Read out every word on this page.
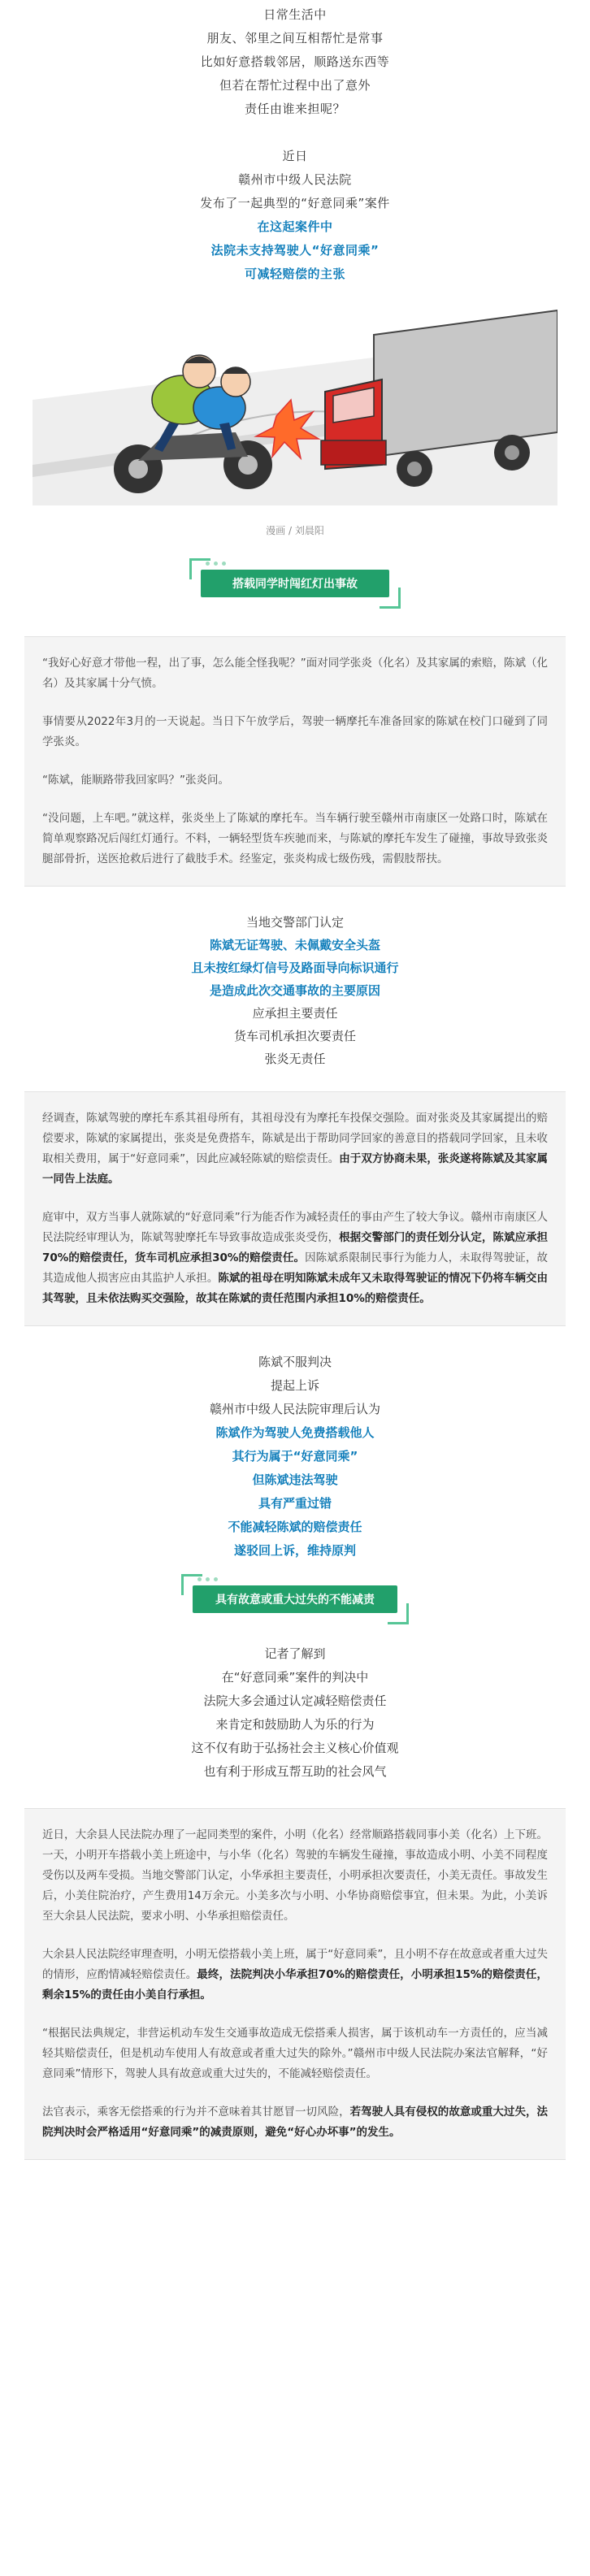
日常生活中

朋友、邻里之间互相帮忙是常事

比如好意搭载邻居，顺路送东西等

但若在帮忙过程中出了意外

责任由谁来担呢？

近日

赣州市中级人民法院

发布了一起典型的“好意同乘”案件

在这起案件中

法院未支持驾驶人“好意同乘”

可减轻赔偿的主张

漫画 / 刘晨阳

搭载同学时闯红灯出事故

“我好心好意才带他一程，出了事，怎么能全怪我呢？”面对同学张炎（化名）及其家属的索赔，陈斌（化名）及其家属十分气愤。

事情要从2022年3月的一天说起。当日下午放学后，驾驶一辆摩托车准备回家的陈斌在校门口碰到了同学张炎。

“陈斌，能顺路带我回家吗？”张炎问。

“没问题，上车吧。”就这样，张炎坐上了陈斌的摩托车。当车辆行驶至赣州市南康区一处路口时，陈斌在简单观察路况后闯红灯通行。不料，一辆轻型货车疾驰而来，与陈斌的摩托车发生了碰撞，事故导致张炎腿部骨折，送医抢救后进行了截肢手术。经鉴定，张炎构成七级伤残，需假肢帮扶。

当地交警部门认定

陈斌无证驾驶、未佩戴安全头盔

且未按红绿灯信号及路面导向标识通行

是造成此次交通事故的主要原因

应承担主要责任

货车司机承担次要责任

张炎无责任

经调查，陈斌驾驶的摩托车系其祖母所有，其祖母没有为摩托车投保交强险。面对张炎及其家属提出的赔偿要求，陈斌的家属提出，张炎是免费搭车，陈斌是出于帮助同学回家的善意目的搭载同学回家，且未收取相关费用，属于“好意同乘”，因此应减轻陈斌的赔偿责任。由于双方协商未果，张炎遂将陈斌及其家属一同告上法庭。

庭审中，双方当事人就陈斌的“好意同乘”行为能否作为减轻责任的事由产生了较大争议。赣州市南康区人民法院经审理认为，陈斌驾驶摩托车导致事故造成张炎受伤，根据交警部门的责任划分认定，陈斌应承担70%的赔偿责任，货车司机应承担30%的赔偿责任。因陈斌系限制民事行为能力人，未取得驾驶证，故其造成他人损害应由其监护人承担。陈斌的祖母在明知陈斌未成年又未取得驾驶证的情况下仍将车辆交由其驾驶，且未依法购买交强险，故其在陈斌的责任范围内承担10%的赔偿责任。

陈斌不服判决

提起上诉

赣州市中级人民法院审理后认为

陈斌作为驾驶人免费搭载他人

其行为属于“好意同乘”

但陈斌违法驾驶

具有严重过错

不能减轻陈斌的赔偿责任

遂驳回上诉，维持原判

具有故意或重大过失的不能减责

记者了解到

在“好意同乘”案件的判决中

法院大多会通过认定减轻赔偿责任

来肯定和鼓励助人为乐的行为

这不仅有助于弘扬社会主义核心价值观

也有利于形成互帮互助的社会风气

近日，大余县人民法院办理了一起同类型的案件，小明（化名）经常顺路搭载同事小美（化名）上下班。一天，小明开车搭载小美上班途中，与小华（化名）驾驶的车辆发生碰撞，事故造成小明、小美不同程度受伤以及两车受损。当地交警部门认定，小华承担主要责任，小明承担次要责任，小美无责任。事故发生后，小美住院治疗，产生费用14万余元。小美多次与小明、小华协商赔偿事宜，但未果。为此，小美诉至大余县人民法院，要求小明、小华承担赔偿责任。

大余县人民法院经审理查明，小明无偿搭载小美上班，属于“好意同乘”，且小明不存在故意或者重大过失的情形，应酌情减轻赔偿责任。最终，法院判决小华承担70%的赔偿责任，小明承担15%的赔偿责任，剩余15%的责任由小美自行承担。

“根据民法典规定，非营运机动车发生交通事故造成无偿搭乘人损害，属于该机动车一方责任的，应当减轻其赔偿责任，但是机动车使用人有故意或者重大过失的除外。”赣州市中级人民法院办案法官解释，“好意同乘”情形下，驾驶人具有故意或重大过失的，不能减轻赔偿责任。

法官表示，乘客无偿搭乘的行为并不意味着其甘愿冒一切风险，若驾驶人具有侵权的故意或重大过失，法院判决时会严格适用“好意同乘”的减责原则，避免“好心办坏事”的发生。
